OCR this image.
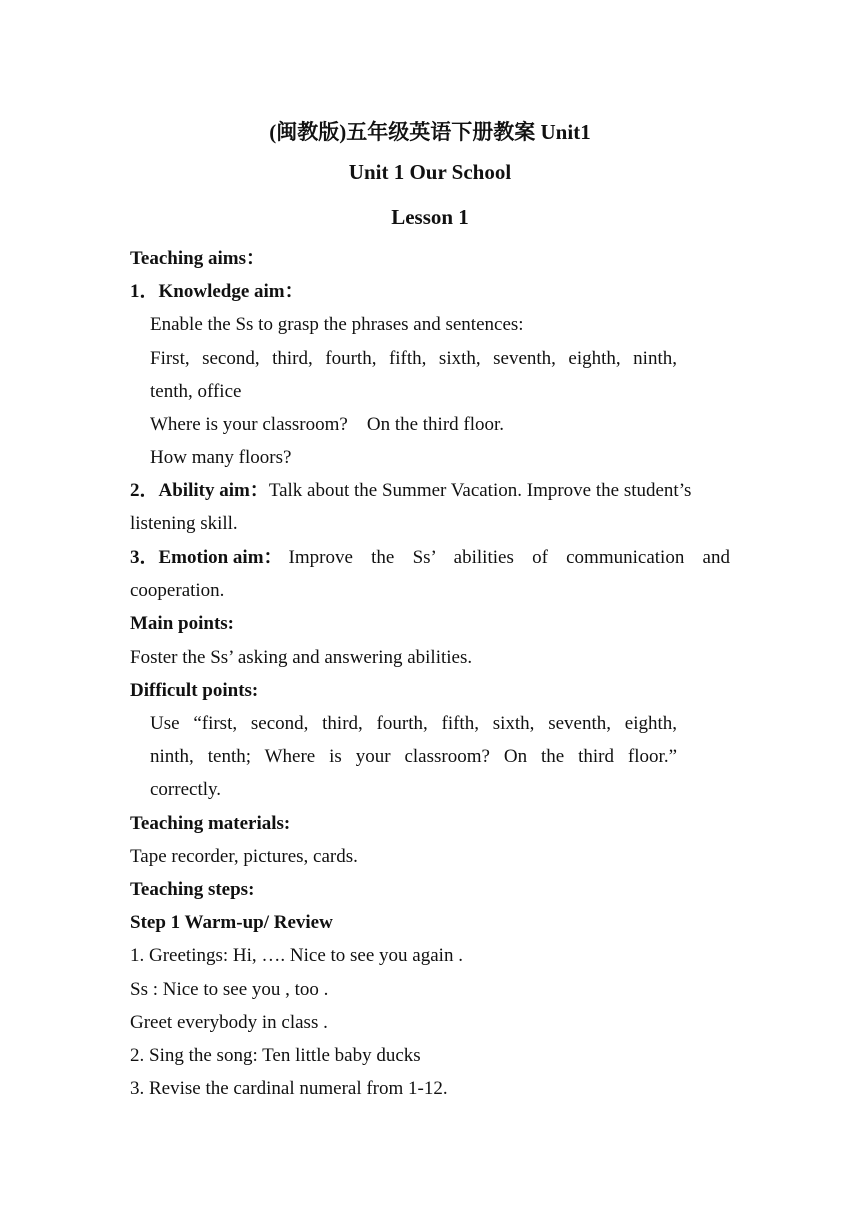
(闽教版)五年级英语下册教案 Unit1
Unit 1 Our School
Lesson 1
Teaching aims：
1．Knowledge aim：
Enable the Ss to grasp the phrases and sentences:
First, second, third, fourth, fifth, sixth, seventh, eighth, ninth,
tenth, office
Where is your classroom?    On the third floor.
How many floors?
2．Ability aim：Talk about the Summer Vacation. Improve the student’s
listening skill.
3．Emotion aim： Improve the Ss’ abilities of communication and
cooperation.
Main points:
Foster the Ss’ asking and answering abilities.
Difficult points:
Use “first, second, third, fourth, fifth, sixth, seventh, eighth,
ninth, tenth; Where is your classroom? On the third floor.”
correctly.
Teaching materials:
Tape recorder, pictures, cards.
Teaching steps:
Step 1 Warm-up/ Review
1. Greetings: Hi, …. Nice to see you again .
Ss : Nice to see you , too .
Greet everybody in class .
2. Sing the song: Ten little baby ducks
3. Revise the cardinal numeral from 1-12.
